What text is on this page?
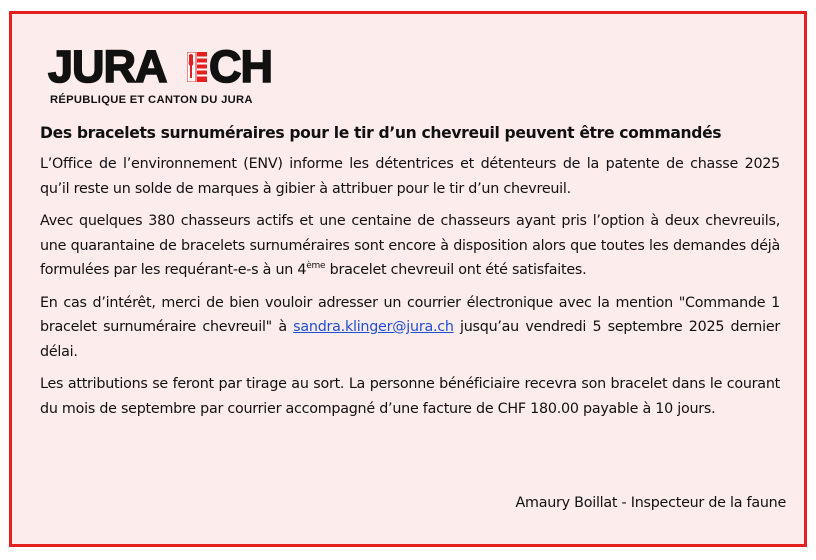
JURA CH
RÉPUBLIQUE ET CANTON DU JURA
Des bracelets surnuméraires pour le tir d’un chevreuil peuvent être commandés

L’Office de l’environnement (ENV) informe les détentrices et détenteurs de la patente de chasse 2025 qu’il reste un solde de marques à gibier à attribuer pour le tir d’un chevreuil.

Avec quelques 380 chasseurs actifs et une centaine de chasseurs ayant pris l’option à deux chevreuils, une quarantaine de bracelets surnuméraires sont encore à disposition alors que toutes les demandes déjà formulées par les requérant-e-s à un 4ème bracelet chevreuil ont été satisfaites.

En cas d’intérêt, merci de bien vouloir adresser un courrier électronique avec la mention "Commande 1 bracelet surnuméraire chevreuil" à sandra.klinger@jura.ch jusqu’au vendredi 5 septembre 2025 dernier délai.

Les attributions se feront par tirage au sort. La personne bénéficiaire recevra son bracelet dans le courant du mois de septembre par courrier accompagné d’une facture de CHF 180.00 payable à 10 jours.

Amaury Boillat - Inspecteur de la faune
